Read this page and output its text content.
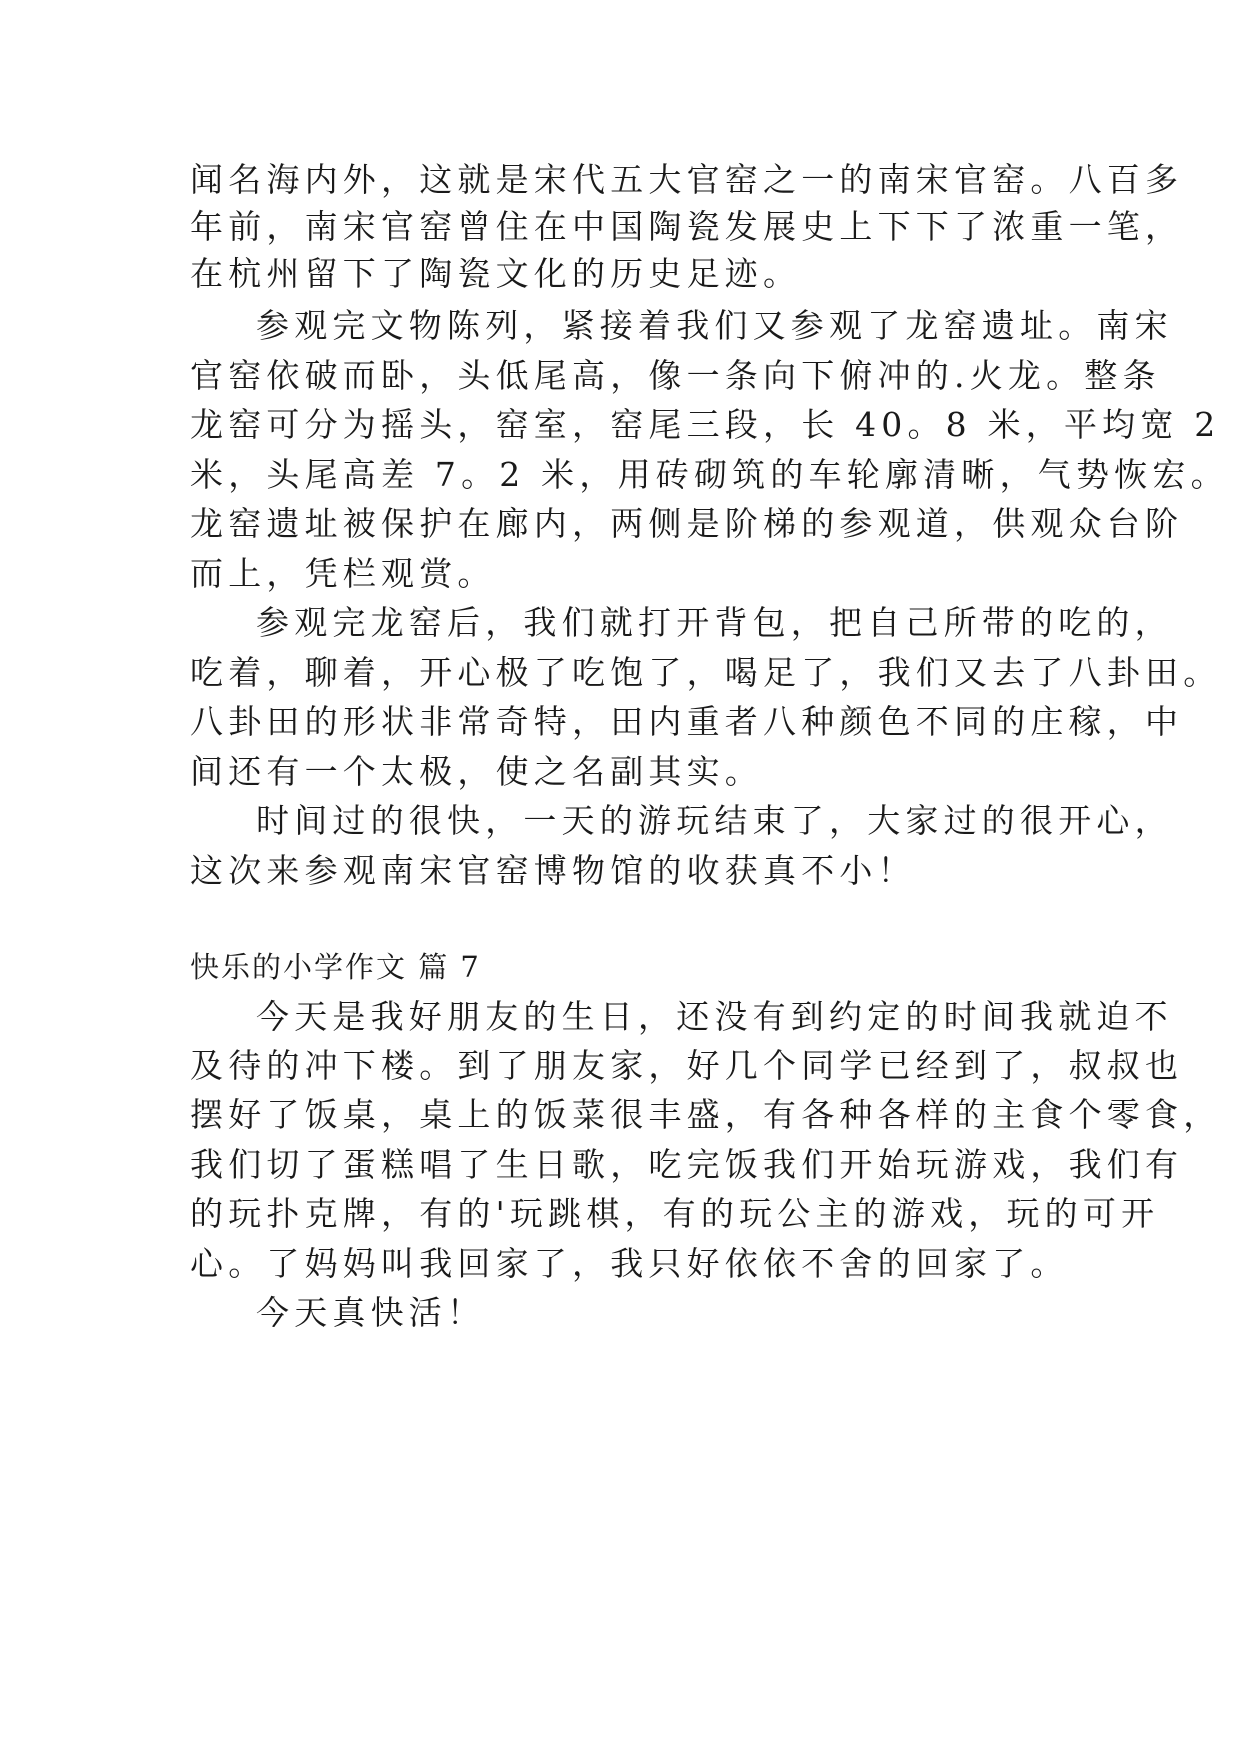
闻名海内外，这就是宋代五大官窑之一的南宋官窑。八百多
年前，南宋官窑曾住在中国陶瓷发展史上下下了浓重一笔，
在杭州留下了陶瓷文化的历史足迹。
参观完文物陈列，紧接着我们又参观了龙窑遗址。南宋
官窑依破而卧，头低尾高，像一条向下俯冲的.火龙。整条
龙窑可分为摇头，窑室，窑尾三段，长 40。8 米，平均宽 2
米，头尾高差 7。2 米，用砖砌筑的车轮廓清晰，气势恢宏。
龙窑遗址被保护在廊内，两侧是阶梯的参观道，供观众台阶
而上，凭栏观赏。
参观完龙窑后，我们就打开背包，把自己所带的吃的，
吃着，聊着，开心极了吃饱了，喝足了，我们又去了八卦田。
八卦田的形状非常奇特，田内重者八种颜色不同的庄稼，中
间还有一个太极，使之名副其实。
时间过的很快，一天的游玩结束了，大家过的很开心，
这次来参观南宋官窑博物馆的收获真不小！
快乐的小学作文 篇 7
今天是我好朋友的生日，还没有到约定的时间我就迫不
及待的冲下楼。到了朋友家，好几个同学已经到了，叔叔也
摆好了饭桌，桌上的饭菜很丰盛，有各种各样的主食个零食，
我们切了蛋糕唱了生日歌，吃完饭我们开始玩游戏，我们有
的玩扑克牌，有的'玩跳棋，有的玩公主的游戏，玩的可开
心。了妈妈叫我回家了，我只好依依不舍的回家了。
今天真快活！
